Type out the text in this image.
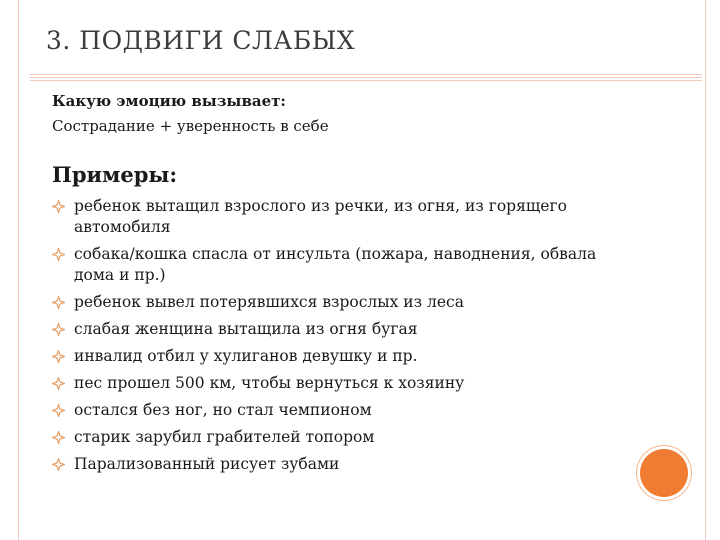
3. ПОДВИГИ СЛАБЫХ
Какую эмоцию вызывает:
Сострадание + уверенность в себе
Примеры:
ребенок вытащил взрослого из речки, из огня, из горящего автомобиля
собака/кошка спасла от инсульта (пожара, наводнения, обвала дома и пр.)
ребенок вывел потерявшихся взрослых из леса
слабая женщина вытащила из огня бугая
инвалид отбил у хулиганов девушку и пр.
пес прошел 500 км, чтобы вернуться к хозяину
остался без ног, но стал чемпионом
старик зарубил грабителей топором
Парализованный рисует зубами
